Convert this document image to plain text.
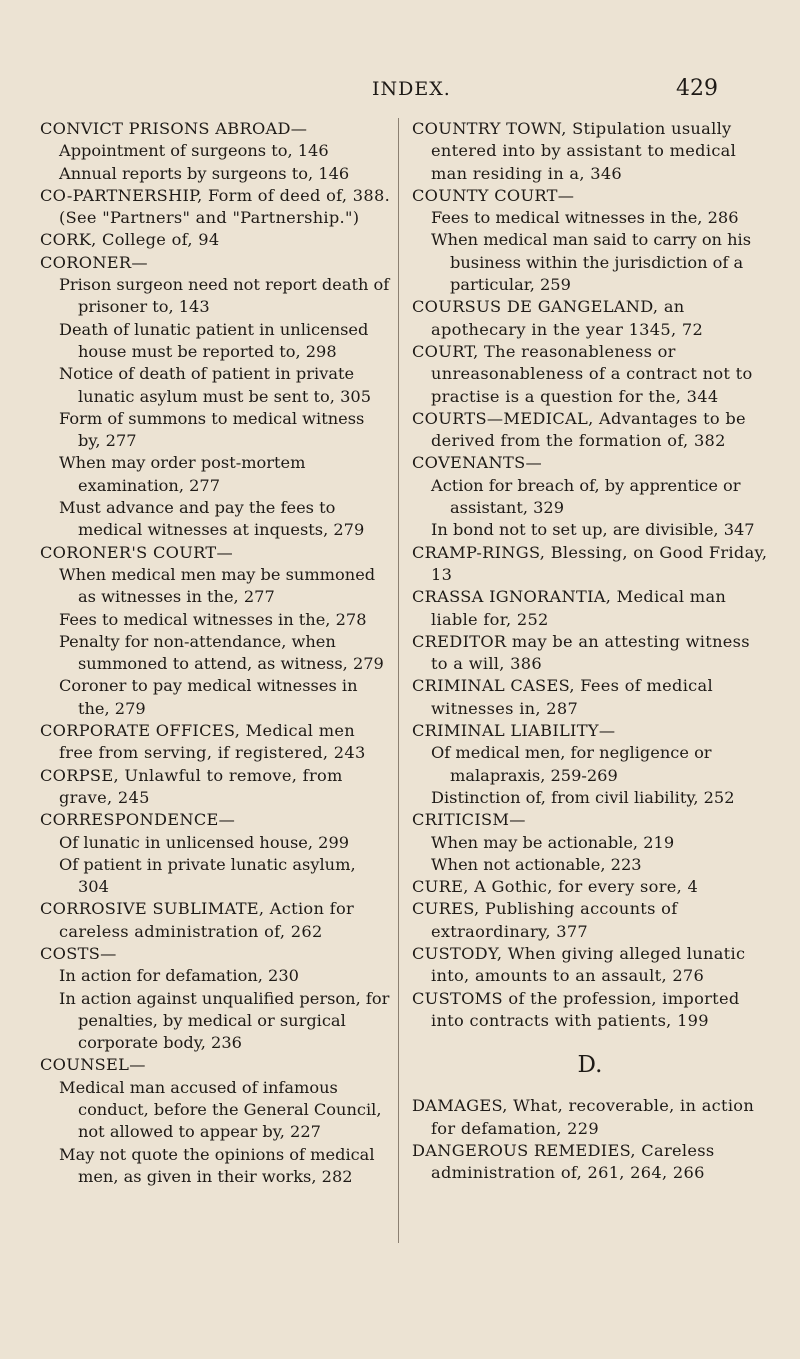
INDEX.	429

CONVICT PRISONS ABROAD—

Appointment of surgeons to, 146

Annual reports by surgeons to, 146

CO-PARTNERSHIP, Form of deed of, 388. (See "Partners" and "Partnership.")

CORK, College of, 94

CORONER—

Prison surgeon need not report death of prisoner to, 143

Death of lunatic patient in unlicensed house must be reported to, 298

Notice of death of patient in private lunatic asylum must be sent to, 305

Form of summons to medical witness by, 277

When may order post-mortem examination, 277

Must advance and pay the fees to medical witnesses at inquests, 279

CORONER'S COURT—

When medical men may be summoned as witnesses in the, 277

Fees to medical witnesses in the, 278

Penalty for non-attendance, when summoned to attend, as witness, 279

Coroner to pay medical witnesses in the, 279

CORPORATE OFFICES, Medical men free from serving, if registered, 243

CORPSE, Unlawful to remove, from grave, 245

CORRESPONDENCE—

Of lunatic in unlicensed house, 299

Of patient in private lunatic asylum, 304

CORROSIVE SUBLIMATE, Action for careless administration of, 262

COSTS—

In action for defamation, 230

In action against unqualified person, for penalties, by medical or surgical corporate body, 236

COUNSEL—

Medical man accused of infamous conduct, before the General Council, not allowed to appear by, 227

May not quote the opinions of medical men, as given in their works, 282

COUNTRY TOWN, Stipulation usually entered into by assistant to medical man residing in a, 346

COUNTY COURT—

Fees to medical witnesses in the, 286

When medical man said to carry on his business within the jurisdiction of a particular, 259

COURSUS DE GANGELAND, an apothecary in the year 1345, 72

COURT, The reasonableness or unreasonableness of a contract not to practise is a question for the, 344

COURTS—MEDICAL, Advantages to be derived from the formation of, 382

COVENANTS—

Action for breach of, by apprentice or assistant, 329

In bond not to set up, are divisible, 347

CRAMP-RINGS, Blessing, on Good Friday, 13

CRASSA IGNORANTIA, Medical man liable for, 252

CREDITOR may be an attesting witness to a will, 386

CRIMINAL CASES, Fees of medical witnesses in, 287

CRIMINAL LIABILITY—

Of medical men, for negligence or malapraxis, 259-269

Distinction of, from civil liability, 252

CRITICISM—

When may be actionable, 219

When not actionable, 223

CURE, A Gothic, for every sore, 4

CURES, Publishing accounts of extraordinary, 377

CUSTODY, When giving alleged lunatic into, amounts to an assault, 276

CUSTOMS of the profession, imported into contracts with patients, 199

D.

DAMAGES, What, recoverable, in action for defamation, 229

DANGEROUS REMEDIES, Careless administration of, 261, 264, 266
